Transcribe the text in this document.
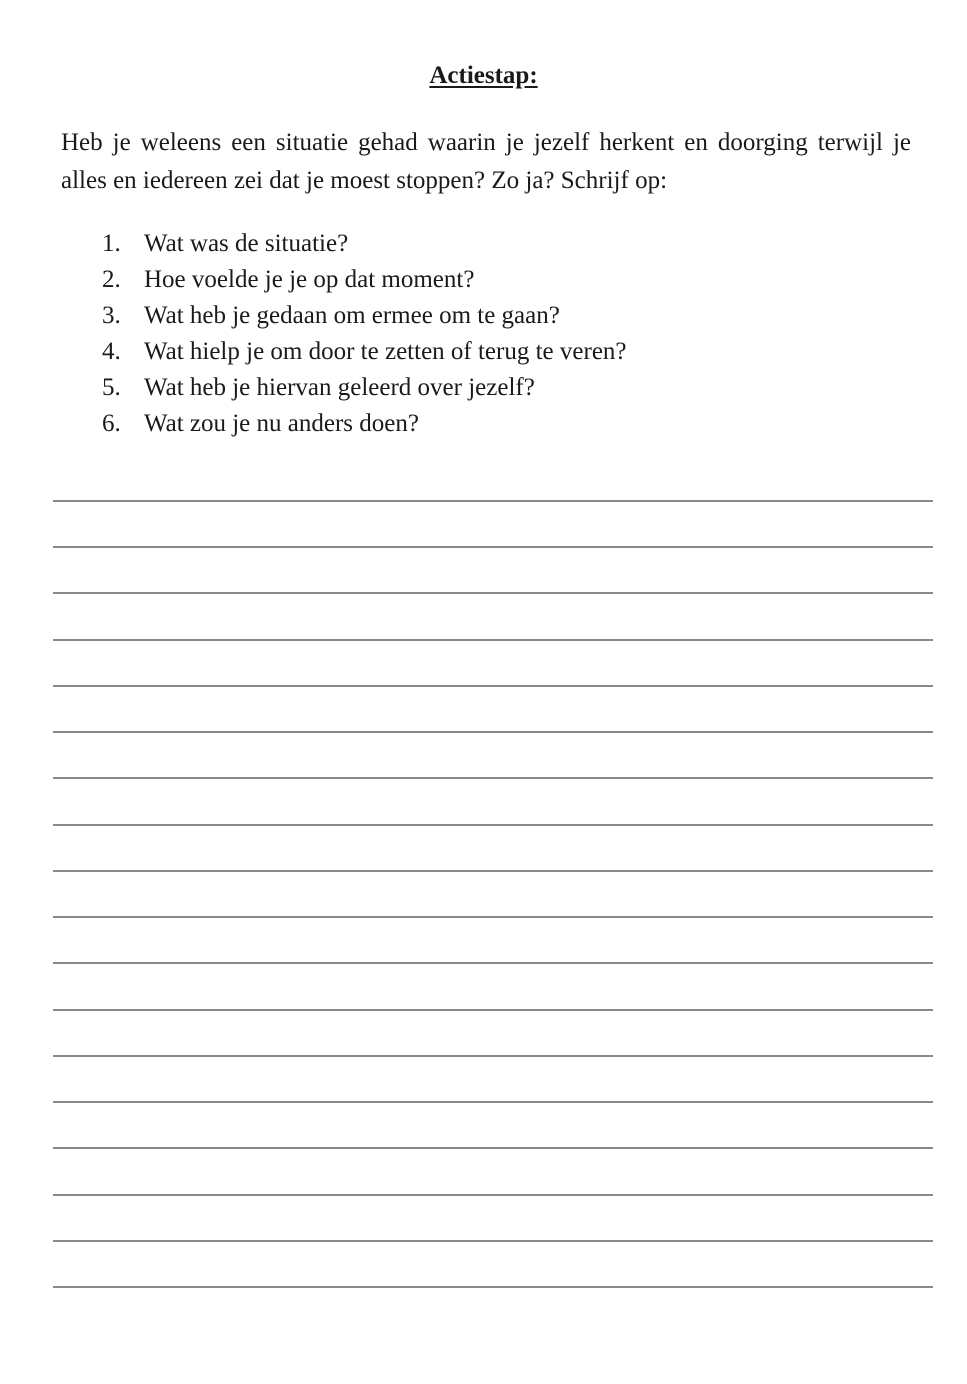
Actiestap:

Heb je weleens een situatie gehad waarin je jezelf herkent en doorging terwijl je alles en iedereen zei dat je moest stoppen? Zo ja? Schrijf op:

1. Wat was de situatie?
2. Hoe voelde je je op dat moment?
3. Wat heb je gedaan om ermee om te gaan?
4. Wat hielp je om door te zetten of terug te veren?
5. Wat heb je hiervan geleerd over jezelf?
6. Wat zou je nu anders doen?
